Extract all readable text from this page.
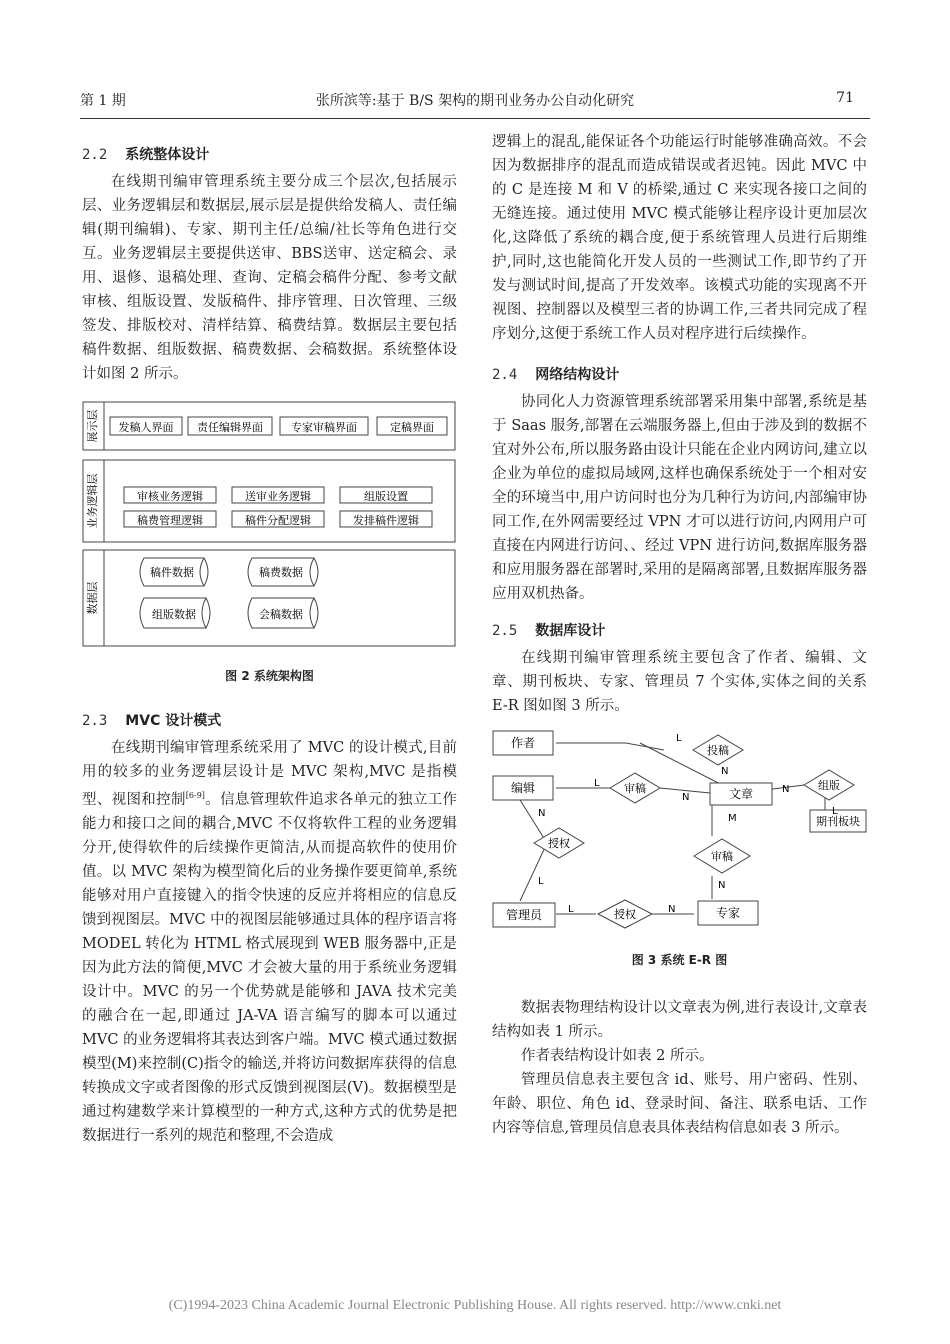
第 1 期	张所滨等:基于 B/S 架构的期刊业务办公自动化研究	71
2.2 系统整体设计

在线期刊编审管理系统主要分成三个层次,包括展示层、业务逻辑层和数据层,展示层是提供给发稿人、责任编辑(期刊编辑)、专家、期刊主任/总编/社长等角色进行交互。业务逻辑层主要提供送审、BBS送审、送定稿会、录用、退修、退稿处理、查询、定稿会稿件分配、参考文献审核、组版设置、发版稿件、排序管理、日次管理、三级签发、排版校对、清样结算、稿费结算。数据层主要包括稿件数据、组版数据、稿费数据、会稿数据。系统整体设计如图 2 所示。

展示层
业务逻辑层
数据层
发稿人界面 责任编辑界面	专家审稿界面	定稿界面
审核业务逻辑	送审业务逻辑	组版设置
稿费管理逻辑	稿件分配逻辑	发排稿件逻辑
稿件数据	稿费数据
组版数据	会稿数据
图 2 系统架构图
2.3 MVC 设计模式

在线期刊编审管理系统采用了 MVC 的设计模式,目前用的较多的业务逻辑层设计是 MVC 架构,MVC 是指模型、视图和控制[6-9]。信息管理软件追求各单元的独立工作能力和接口之间的耦合,MVC 不仅将软件工程的业务逻辑分开,使得软件的后续操作更简洁,从而提高软件的使用价值。以 MVC 架构为模型简化后的业务操作要更简单,系统能够对用户直接键入的指令快速的反应并将相应的信息反馈到视图层。MVC 中的视图层能够通过具体的程序语言将 MODEL 转化为 HTML 格式展现到 WEB 服务器中,正是因为此方法的简便,MVC 才会被大量的用于系统业务逻辑设计中。MVC 的另一个优势就是能够和 JAVA 技术完美的融合在一起,即通过 JA-VA 语言编写的脚本可以通过 MVC 的业务逻辑将其表达到客户端。MVC 模式通过数据模型(M)来控制(C)指令的输送,并将访问数据库获得的信息转换成文字或者图像的形式反馈到视图层(V)。数据模型是通过构建数学来计算模型的一种方式,这种方式的优势是把数据进行一系列的规范和整理,不会造成

逻辑上的混乱,能保证各个功能运行时能够准确高效。不会因为数据排序的混乱而造成错误或者迟钝。因此 MVC 中的 C 是连接 M 和 V 的桥梁,通过 C 来实现各接口之间的无缝连接。通过使用 MVC 模式能够让程序设计更加层次化,这降低了系统的耦合度,便于系统管理人员进行后期维护,同时,这也能简化开发人员的一些测试工作,即节约了开发与测试时间,提高了开发效率。该模式功能的实现离不开视图、控制器以及模型三者的协调工作,三者共同完成了程序划分,这便于系统工作人员对程序进行后续操作。

2.4 网络结构设计

协同化人力资源管理系统部署采用集中部署,系统是基于 Saas 服务,部署在云端服务器上,但由于涉及到的数据不宜对外公布,所以服务路由设计只能在企业内网访问,建立以企业为单位的虚拟局域网,这样也确保系统处于一个相对安全的环境当中,用户访问时也分为几种行为访问,内部编审协同工作,在外网需要经过 VPN 才可以进行访问,内网用户可直接在内网进行访问、、经过 VPN 进行访问,数据库服务器和应用服务器在部署时,采用的是隔离部署,且数据库服务器应用双机热备。

2.5 数据库设计

在线期刊编审管理系统主要包含了作者、编辑、文章、期刊板块、专家、管理员 7 个实体,实体之间的关系 E-R 图如图 3 所示。

作者
投稿
编辑	审稿	文章
组版
期刊板块
授权
审稿
管理员	授权	专家
L
N
L
N
N
L
N
L
M
N
L	N
图 3 系统 E-R 图

数据表物理结构设计以文章表为例,进行表设计,文章表结构如表 1 所示。

作者表结构设计如表 2 所示。

管理员信息表主要包含 id、账号、用户密码、性别、年龄、职位、角色 id、登录时间、备注、联系电话、工作内容等信息,管理员信息表具体表结构信息如表 3 所示。

(C)1994-2023 China Academic Journal Electronic Publishing House. All rights reserved. http://www.cnki.net
